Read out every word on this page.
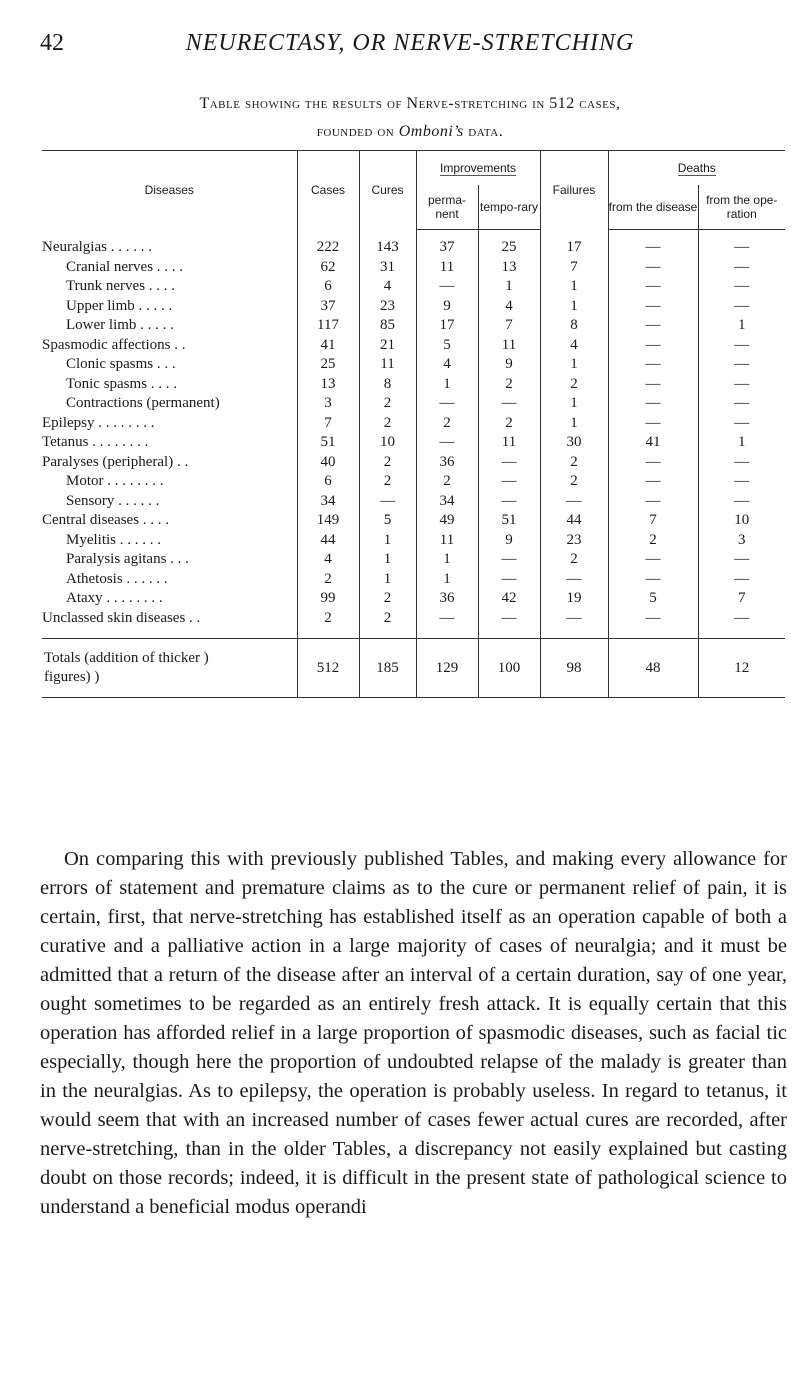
42	NEURECTASY, OR NERVE-STRETCHING
Table showing the results of Nerve-stretching in 512 cases,
founded on Omboni’s data.
Diseases	Cases	Cures	Improvements		Failures	Deaths	
			perma-nent	tempo-rary		from the disease	from the ope-ration
Neuralgias . . . . . .	222	143	37	25	17	—	—
Cranial nerves . . . .	62	31	11	13	7	—	—
Trunk nerves . . . .	6	4	—	1	1	—	—
Upper limb . . . . .	37	23	9	4	1	—	—
Lower limb . . . . .	117	85	17	7	8	—	1
Spasmodic affections . .	41	21	5	11	4	—	—
Clonic spasms . . .	25	11	4	9	1	—	—
Tonic spasms . . . .	13	8	1	2	2	—	—
Contractions (permanent)	3	2	—	—	1	—	—
Epilepsy . . . . . . . .	7	2	2	2	1	—	—
Tetanus . . . . . . . .	51	10	—	11	30	41	1
Paralyses (peripheral) . .	40	2	36	—	2	—	—
Motor . . . . . . . .	6	2	2	—	2	—	—
Sensory . . . . . .	34	—	34	—	—	—	—
Central diseases . . . .	149	5	49	51	44	7	10
Myelitis . . . . . .	44	1	11	9	23	2	3
Paralysis agitans . . .	4	1	1	—	2	—	—
Athetosis . . . . . .	2	1	1	—	—	—	—
Ataxy . . . . . . . .	99	2	36	42	19	5	7
Unclassed skin diseases . .	2	2	—	—	—	—	—
Totals (addition of thicker )
figures) )	512	185	129	100	98	48	12
On comparing this with previously published Tables, and making every allowance for errors of statement and premature claims as to the cure or permanent relief of pain, it is certain, first, that nerve-stretching has established itself as an operation capable of both a curative and a palliative action in a large majority of cases of neuralgia; and it must be admitted that a return of the disease after an interval of a certain duration, say of one year, ought sometimes to be regarded as an entirely fresh attack. It is equally certain that this operation has afforded relief in a large proportion of spasmodic diseases, such as facial tic especially, though here the proportion of undoubted relapse of the malady is greater than in the neuralgias. As to epilepsy, the operation is probably useless. In regard to tetanus, it would seem that with an increased number of cases fewer actual cures are recorded, after nerve-stretching, than in the older Tables, a discrepancy not easily explained but casting doubt on those records; indeed, it is difficult in the present state of pathological science to understand a beneficial modus operandi
